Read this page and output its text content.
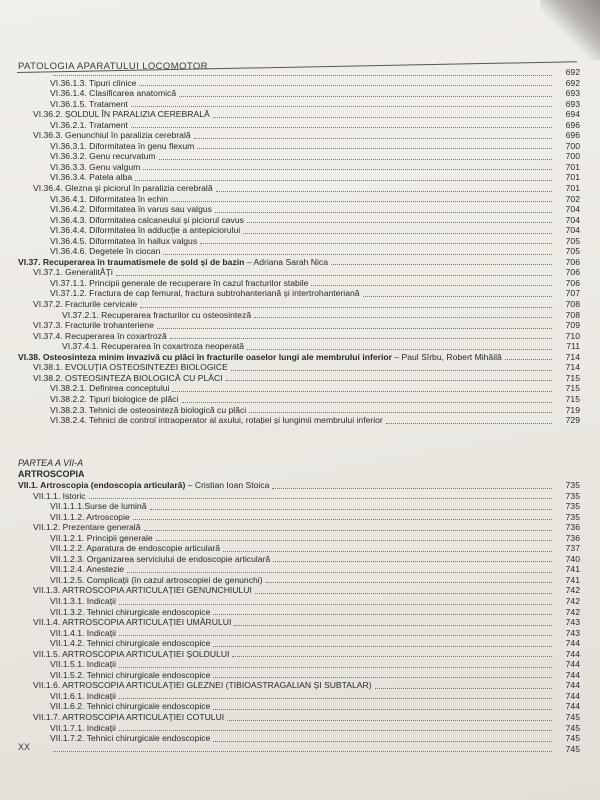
PATOLOGIA APARATULUI LOCOMOTOR	692
VI.36.1.3. Tipuri clinice	692
VI.36.1.4. Clasificarea anatomică	693
VI.36.1.5. Tratament	693
VI.36.2. ȘOLDUL ÎN PARALIZIA CEREBRALĂ	694
VI.36.2.1. Tratament	696
VI.36.3. Genunchiul în paralizia cerebrală	696
VI.36.3.1. Diformitatea în genu flexum	700
VI.36.3.2. Genu recurvatum	700
VI.36.3.3. Genu valgum	701
VI.36.3.4. Patela alba	701
VI.36.4. Glezna și piciorul în paralizia cerebrală	701
VI.36.4.1. Diformitatea în echin	702
VI.36.4.2. Diformitatea în varus sau valgus	704
VI.36.4.3. Diformitatea calcaneului și piciorul cavus	704
VI.36.4.4. Diformitatea în adducție a antepiciorului	704
VI.36.4.5. Diformitatea în hallux valgus	705
VI.36.4.6. Degetele în ciocan	705
VI.37. Recuperarea în traumatismele de șold și de bazin – Adriana Sarah Nica	706
VI.37.1. GeneralitĂȚi	706
VI.37.1.1. Principii generale de recuperare în cazul fracturilor stabile	706
VI.37.1.2. Fractura de cap femural, fractura subtrohanteriană și intertrohanteriană	707
VI.37.2. Fracturile cervicale	708
VI.37.2.1. Recuperarea fracturilor cu osteosinteză	708
VI.37.3. Fracturile trohanteriene	709
VI.37.4. Recuperarea în coxartroză	710
VI.37.4.1. Recuperarea în coxartroza neoperată	711
VI.38. Osteosinteza minim invazivă cu plăci în fracturile oaselor lungi ale membrului inferior – Paul Sîrbu, Robert Mihăilă	714
VI.38.1. EVOLUȚIA OSTEOSINTEZEI BIOLOGICE	714
VI.38.2. OSTEOSINTEZA BIOLOGICĂ CU PLĂCI	715
VI.38.2.1. Definirea conceptului	715
VI.38.2.2. Tipuri biologice de plăci	715
VI.38.2.3. Tehnici de osteosinteză biologică cu plăci	719
VI.38.2.4. Tehnici de control intraoperator al axului, rotației și lungimii membrului inferior	729
PARTEA A VII-A
ARTROSCOPIA
VII.1. Artroscopia (endoscopia articulară) – Cristian Ioan Stoica	735
VII.1.1. Istoric	735
VII.1.1.1.Surse de lumină	735
VII.1.1.2. Artroscopie	735
VII.1.2. Prezentare generală	736
VII.1.2.1. Principii generale	736
VII.1.2.2. Aparatura de endoscopie articulară	737
VII.1.2.3. Organizarea serviciului de endoscopie articulară	740
VII.1.2.4. Anestezie	741
VII.1.2.5. Complicații (în cazul artroscopiei de genunchi)	741
VII.1.3. ARTROSCOPIA ARTICULAȚIEI GENUNCHIULUI	742
VII.1.3.1. Indicații	742
VII.1.3.2. Tehnici chirurgicale endoscopice	742
VII.1.4. ARTROSCOPIA ARTICULAȚIEI UMĂRULUI	743
VII.1.4.1. Indicații	743
VII.1.4.2. Tehnici chirurgicale endoscopice	744
VII.1.5. ARTROSCOPIA ARTICULAȚIEI ȘOLDULUI	744
VII.1.5.1. Indicații	744
VII.1.5.2. Tehnici chirurgicale endoscopice	744
VII.1.6. ARTROSCOPIA ARTICULAȚIEI GLEZNEI (TIBIOASTRAGALIAN ȘI SUBTALAR)	744
VII.1.6.1. Indicații	744
VII.1.6.2. Tehnici chirurgicale endoscopice	744
VII.1.7. ARTROSCOPIA ARTICULAȚIEI COTULUI	745
VII.1.7.1. Indicații	745
VII.1.7.2. Tehnici chirurgicale endoscopice	745
745
XX
